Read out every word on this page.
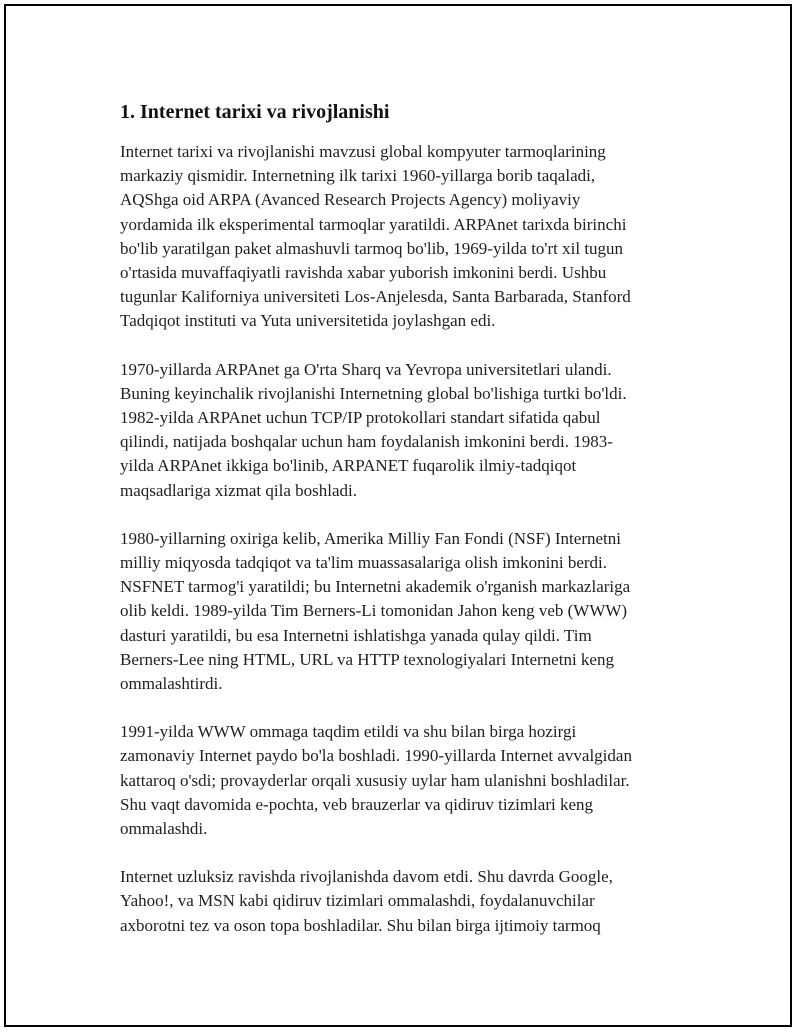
1. Internet tarixi va rivojlanishi

Internet tarixi va rivojlanishi mavzusi global kompyuter tarmoqlarining
markaziy qismidir. Internetning ilk tarixi 1960-yillarga borib taqaladi,
AQShga oid ARPA (Avanced Research Projects Agency) moliyaviy
yordamida ilk eksperimental tarmoqlar yaratildi. ARPAnet tarixda birinchi
bo'lib yaratilgan paket almashuvli tarmoq bo'lib, 1969-yilda to'rt xil tugun
o'rtasida muvaffaqiyatli ravishda xabar yuborish imkonini berdi. Ushbu
tugunlar Kaliforniya universiteti Los-Anjelesda, Santa Barbarada, Stanford
Tadqiqot instituti va Yuta universitetida joylashgan edi.

1970-yillarda ARPAnet ga O'rta Sharq va Yevropa universitetlari ulandi.
Buning keyinchalik rivojlanishi Internetning global bo'lishiga turtki bo'ldi.
1982-yilda ARPAnet uchun TCP/IP protokollari standart sifatida qabul
qilindi, natijada boshqalar uchun ham foydalanish imkonini berdi. 1983-
yilda ARPAnet ikkiga bo'linib, ARPANET fuqarolik ilmiy-tadqiqot
maqsadlariga xizmat qila boshladi.

1980-yillarning oxiriga kelib, Amerika Milliy Fan Fondi (NSF) Internetni
milliy miqyosda tadqiqot va ta'lim muassasalariga olish imkonini berdi.
NSFNET tarmog'i yaratildi; bu Internetni akademik o'rganish markazlariga
olib keldi. 1989-yilda Tim Berners-Li tomonidan Jahon keng veb (WWW)
dasturi yaratildi, bu esa Internetni ishlatishga yanada qulay qildi. Tim
Berners-Lee ning HTML, URL va HTTP texnologiyalari Internetni keng
ommalashtirdi.

1991-yilda WWW ommaga taqdim etildi va shu bilan birga hozirgi
zamonaviy Internet paydo bo'la boshladi. 1990-yillarda Internet avvalgidan
kattaroq o'sdi; provayderlar orqali xususiy uylar ham ulanishni boshladilar.
Shu vaqt davomida e-pochta, veb brauzerlar va qidiruv tizimlari keng
ommalashdi.

Internet uzluksiz ravishda rivojlanishda davom etdi. Shu davrda Google,
Yahoo!, va MSN kabi qidiruv tizimlari ommalashdi, foydalanuvchilar
axborotni tez va oson topa boshladilar. Shu bilan birga ijtimoiy tarmoq
